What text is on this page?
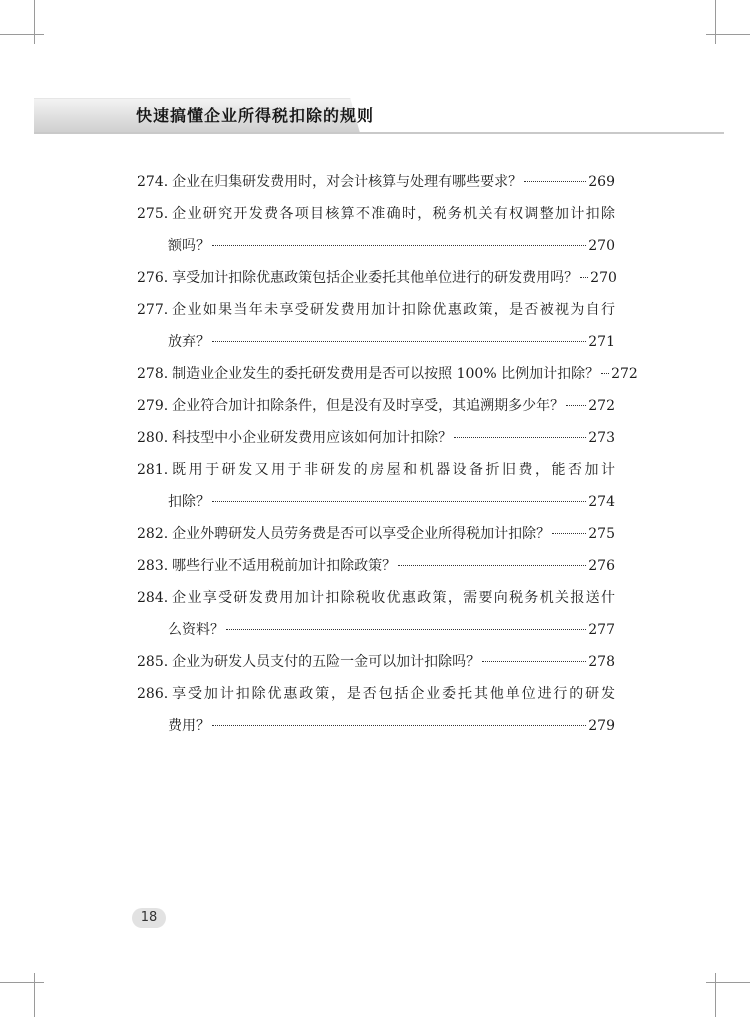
快速搞懂企业所得税扣除的规则
274. 企业在归集研发费用时，对会计核算与处理有哪些要求？	269
275. 企业研究开发费各项目核算不准确时，税务机关有权调整加计扣除
额吗？	270
276. 享受加计扣除优惠政策包括企业委托其他单位进行的研发费用吗？ 270
277. 企业如果当年未享受研发费用加计扣除优惠政策，是否被视为自行
放弃？	271
278. 制造业企业发生的委托研发费用是否可以按照 100% 比例加计扣除？ 272
279. 企业符合加计扣除条件，但是没有及时享受，其追溯期多少年？ 272
280. 科技型中小企业研发费用应该如何加计扣除？	273
281. 既用于研发又用于非研发的房屋和机器设备折旧费，能否加计
扣除？	274
282. 企业外聘研发人员劳务费是否可以享受企业所得税加计扣除？	275
283. 哪些行业不适用税前加计扣除政策？	276
284. 企业享受研发费用加计扣除税收优惠政策，需要向税务机关报送什
么资料？	277
285. 企业为研发人员支付的五险一金可以加计扣除吗？	278
286. 享受加计扣除优惠政策，是否包括企业委托其他单位进行的研发
费用？	279
18
